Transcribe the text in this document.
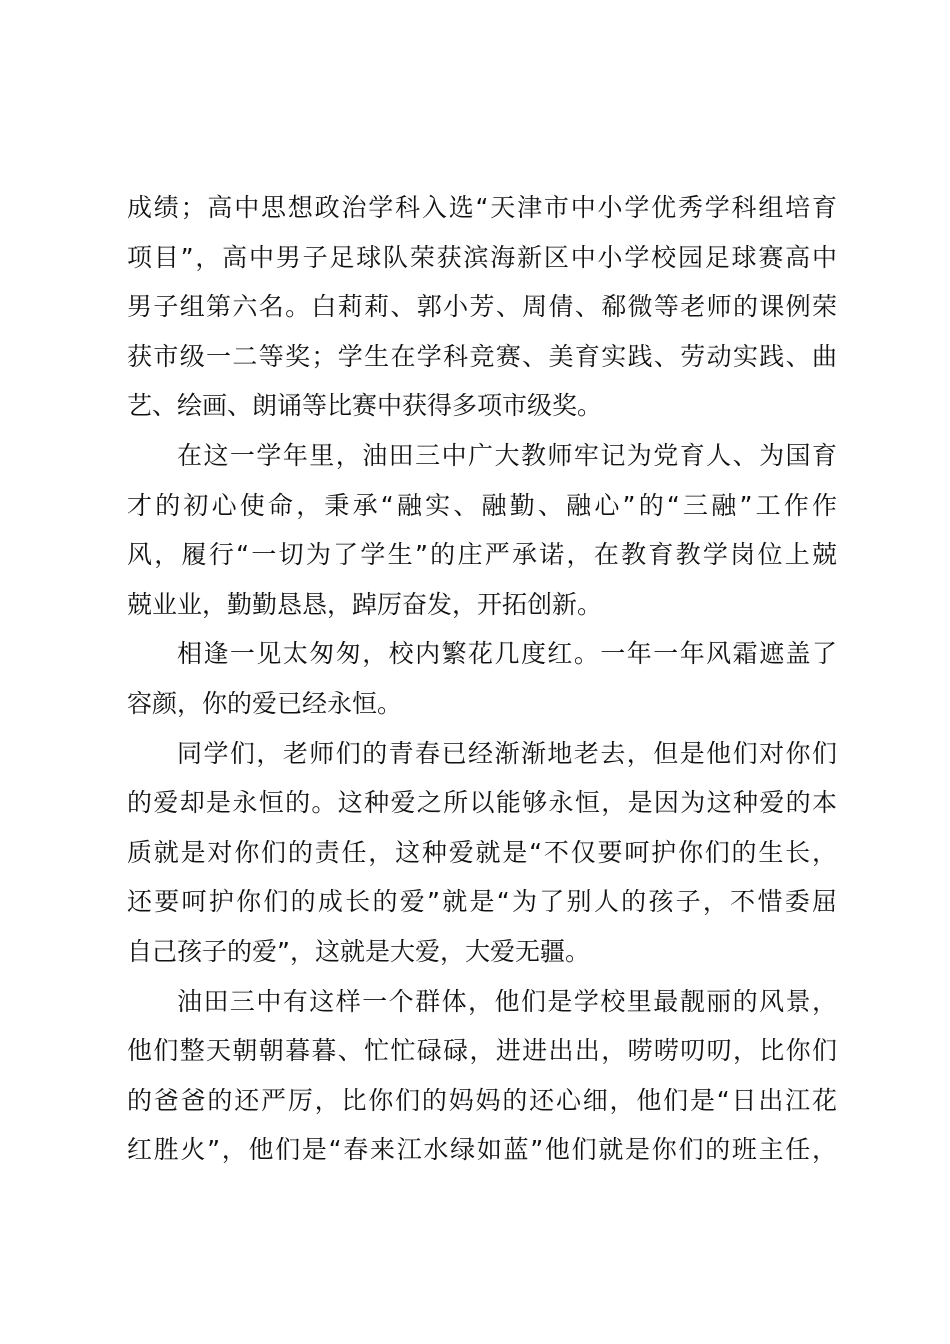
成绩；高中思想政治学科入选“天津市中小学优秀学科组培育
项目”，高中男子足球队荣获滨海新区中小学校园足球赛高中
男子组第六名。白莉莉、郭小芳、周倩、郗微等老师的课例荣
获市级一二等奖；学生在学科竞赛、美育实践、劳动实践、曲
艺、绘画、朗诵等比赛中获得多项市级奖。
在这一学年里，油田三中广大教师牢记为党育人、为国育
才的初心使命，秉承“融实、融勤、融心”的“三融”工作作
风，履行“一切为了学生”的庄严承诺，在教育教学岗位上兢
兢业业，勤勤恳恳，踔厉奋发，开拓创新。
相逢一见太匆匆，校内繁花几度红。一年一年风霜遮盖了
容颜，你的爱已经永恒。
同学们，老师们的青春已经渐渐地老去，但是他们对你们
的爱却是永恒的。这种爱之所以能够永恒，是因为这种爱的本
质就是对你们的责任，这种爱就是“不仅要呵护你们的生长，
还要呵护你们的成长的爱”就是“为了别人的孩子，不惜委屈
自己孩子的爱”，这就是大爱，大爱无疆。
油田三中有这样一个群体，他们是学校里最靓丽的风景，
他们整天朝朝暮暮、忙忙碌碌，进进出出，唠唠叨叨，比你们
的爸爸的还严厉，比你们的妈妈的还心细，他们是“日出江花
红胜火”，他们是“春来江水绿如蓝”他们就是你们的班主任，
